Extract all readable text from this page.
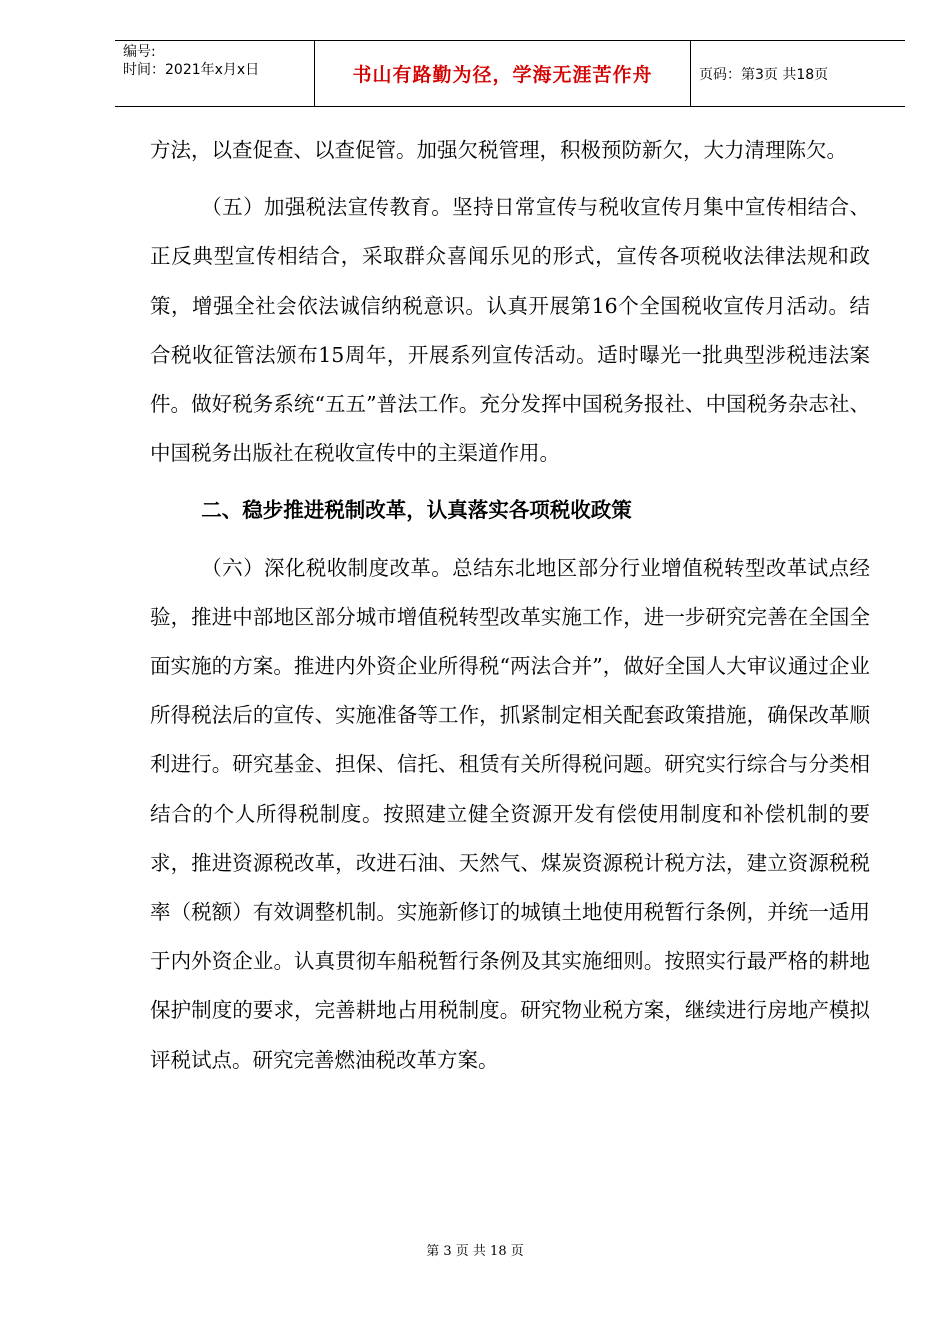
编号:
时间：2021年x月x日	书山有路勤为径，学海无涯苦作舟	页码：第3页 共18页

方法，以查促查、以查促管。加强欠税管理，积极预防新欠，大力清理陈欠。

（五）加强税法宣传教育。坚持日常宣传与税收宣传月集中宣传相结合、正反典型宣传相结合，采取群众喜闻乐见的形式，宣传各项税收法律法规和政策，增强全社会依法诚信纳税意识。认真开展第16个全国税收宣传月活动。结合税收征管法颁布15周年，开展系列宣传活动。适时曝光一批典型涉税违法案件。做好税务系统“五五”普法工作。充分发挥中国税务报社、中国税务杂志社、中国税务出版社在税收宣传中的主渠道作用。

二、稳步推进税制改革，认真落实各项税收政策

（六）深化税收制度改革。总结东北地区部分行业增值税转型改革试点经验，推进中部地区部分城市增值税转型改革实施工作，进一步研究完善在全国全面实施的方案。推进内外资企业所得税“两法合并”，做好全国人大审议通过企业所得税法后的宣传、实施准备等工作，抓紧制定相关配套政策措施，确保改革顺利进行。研究基金、担保、信托、租赁有关所得税问题。研究实行综合与分类相结合的个人所得税制度。按照建立健全资源开发有偿使用制度和补偿机制的要求，推进资源税改革，改进石油、天然气、煤炭资源税计税方法，建立资源税税率（税额）有效调整机制。实施新修订的城镇土地使用税暂行条例，并统一适用于内外资企业。认真贯彻车船税暂行条例及其实施细则。按照实行最严格的耕地保护制度的要求，完善耕地占用税制度。研究物业税方案，继续进行房地产模拟评税试点。研究完善燃油税改革方案。

第 3 页 共 18 页
